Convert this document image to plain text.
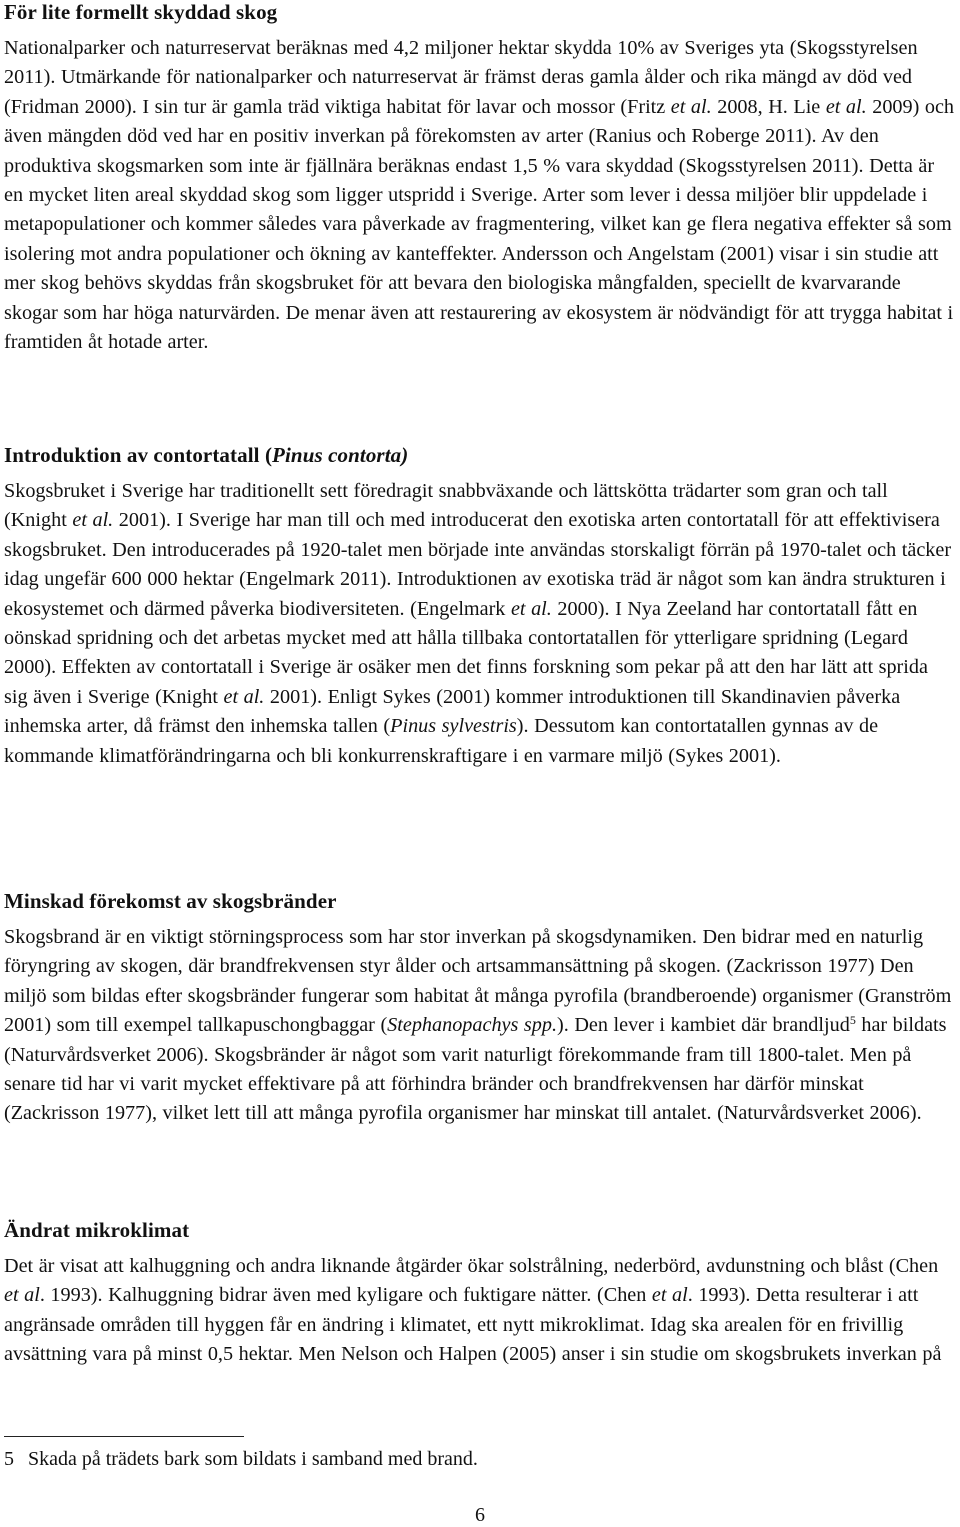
För lite formellt skyddad skog

Nationalparker och naturreservat beräknas med 4,2 miljoner hektar skydda 10% av Sveriges yta (Skogsstyrelsen 2011). Utmärkande för nationalparker och naturreservat är främst deras gamla ålder och rika mängd av död ved (Fridman 2000). I sin tur är gamla träd viktiga habitat för lavar och mossor (Fritz et al. 2008, H. Lie et al. 2009) och även mängden död ved har en positiv inverkan på förekomsten av arter (Ranius och Roberge 2011). Av den produktiva skogsmarken som inte är fjällnära beräknas endast 1,5 % vara skyddad (Skogsstyrelsen 2011). Detta är en mycket liten areal skyddad skog som ligger utspridd i Sverige. Arter som lever i dessa miljöer blir uppdelade i metapopulationer och kommer således vara påverkade av fragmentering, vilket kan ge flera negativa effekter så som isolering mot andra populationer och ökning av kanteffekter. Andersson och Angelstam (2001) visar i sin studie att mer skog behövs skyddas från skogsbruket för att bevara den biologiska mångfalden, speciellt de kvarvarande skogar som har höga naturvärden. De menar även att restaurering av ekosystem är nödvändigt för att trygga habitat i framtiden åt hotade arter.

Introduktion av contortatall (Pinus contorta)

Skogsbruket i Sverige har traditionellt sett föredragit snabbväxande och lättskötta trädarter som gran och tall (Knight et al. 2001). I Sverige har man till och med introducerat den exotiska arten contortatall för att effektivisera skogsbruket. Den introducerades på 1920-talet men började inte användas storskaligt förrän på 1970-talet och täcker idag ungefär 600 000 hektar (Engelmark 2011). Introduktionen av exotiska träd är något som kan ändra strukturen i ekosystemet och därmed påverka biodiversiteten. (Engelmark et al. 2000). I Nya Zeeland har contortatall fått en oönskad spridning och det arbetas mycket med att hålla tillbaka contortatallen för ytterligare spridning (Legard 2000). Effekten av contortatall i Sverige är osäker men det finns forskning som pekar på att den har lätt att sprida sig även i Sverige (Knight et al. 2001). Enligt Sykes (2001) kommer introduktionen till Skandinavien påverka inhemska arter, då främst den inhemska tallen (Pinus sylvestris). Dessutom kan contortatallen gynnas av de kommande klimatförändringarna och bli konkurrenskraftigare i en varmare miljö (Sykes 2001).

Minskad förekomst av skogsbränder

Skogsbrand är en viktigt störningsprocess som har stor inverkan på skogsdynamiken. Den bidrar med en naturlig föryngring av skogen, där brandfrekvensen styr ålder och artsammansättning på skogen. (Zackrisson 1977) Den miljö som bildas efter skogsbränder fungerar som habitat åt många pyrofila (brandberoende) organismer (Granström 2001) som till exempel tallkapuschongbaggar (Stephanopachys spp.). Den lever i kambiet där brandljud$^5$ har bildats (Naturvårdsverket 2006). Skogsbränder är något som varit naturligt förekommande fram till 1800-talet. Men på senare tid har vi varit mycket effektivare på att förhindra bränder och brandfrekvensen har därför minskat (Zackrisson 1977), vilket lett till att många pyrofila organismer har minskat till antalet. (Naturvårdsverket 2006).

Ändrat mikroklimat

Det är visat att kalhuggning och andra liknande åtgärder ökar solstrålning, nederbörd, avdunstning och blåst (Chen et al. 1993). Kalhuggning bidrar även med kyligare och fuktigare nätter. (Chen et al. 1993). Detta resulterar i att angränsade områden till hyggen får en ändring i klimatet, ett nytt mikroklimat. Idag ska arealen för en frivillig avsättning vara på minst 0,5 hektar. Men Nelson och Halpen (2005) anser i sin studie om skogsbrukets inverkan på

5 Skada på trädets bark som bildats i samband med brand.
6
